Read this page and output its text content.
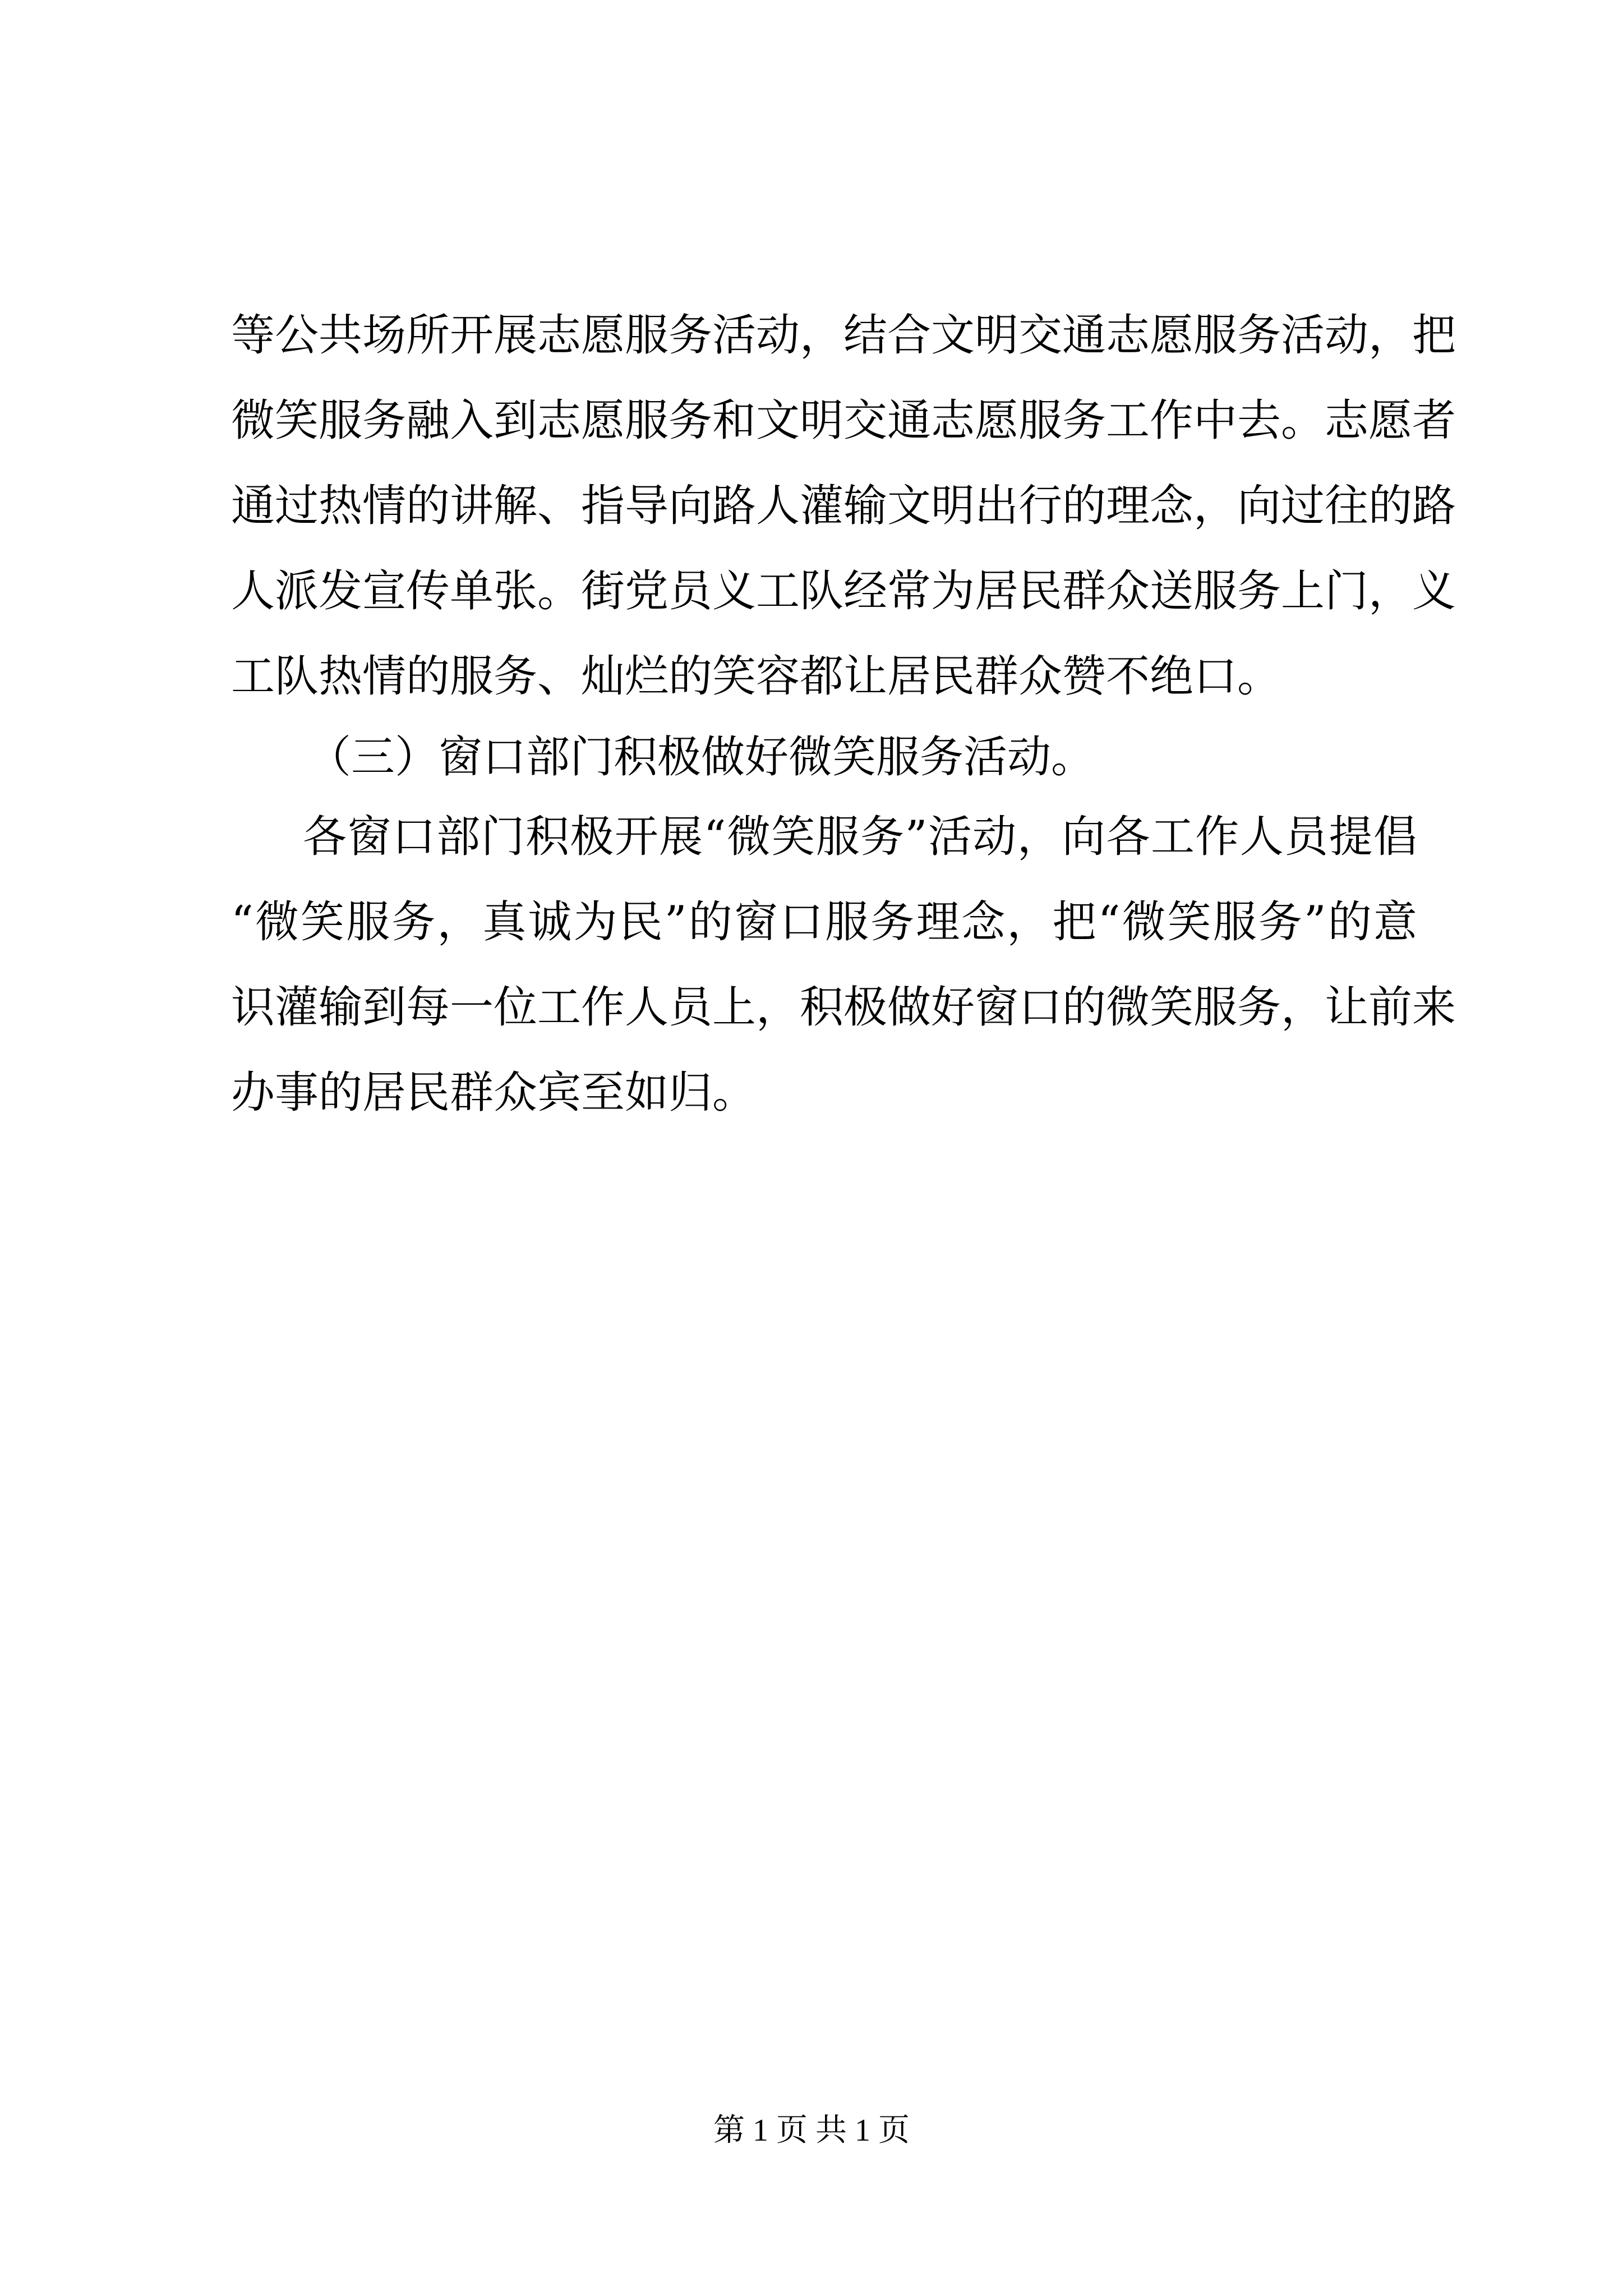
等公共场所开展志愿服务活动，结合文明交通志愿服务活动，把
微笑服务融入到志愿服务和文明交通志愿服务工作中去。志愿者
通过热情的讲解、指导向路人灌输文明出行的理念，向过往的路
人派发宣传单张。街党员义工队经常为居民群众送服务上门，义
工队热情的服务、灿烂的笑容都让居民群众赞不绝口。
（三）窗口部门积极做好微笑服务活动。
各窗口部门积极开展“微笑服务”活动，向各工作人员提倡
“微笑服务，真诚为民”的窗口服务理念，把“微笑服务”的意
识灌输到每一位工作人员上，积极做好窗口的微笑服务，让前来
办事的居民群众宾至如归。
第 1 页 共 1 页
